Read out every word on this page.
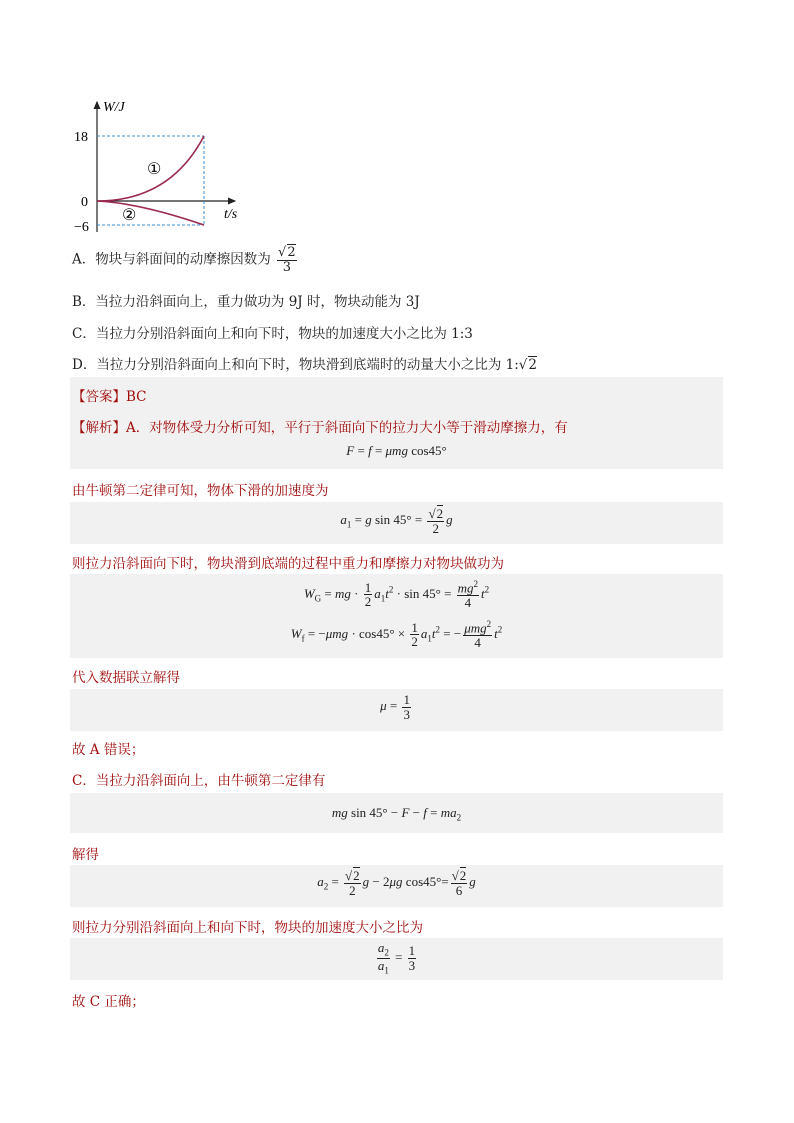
W/J
t/s
18
0
−6
①
②
A．物块与斜面间的动摩擦因数为 $\frac{√2}{3}$
B．当拉力沿斜面向上，重力做功为 9J 时，物块动能为 3J
C．当拉力分别沿斜面向上和向下时，物块的加速度大小之比为 1:3
D．当拉力分别沿斜面向上和向下时，物块滑到底端时的动量大小之比为 1:√2
【答案】BC
【解析】A．对物体受力分析可知，平行于斜面向下的拉力大小等于滑动摩擦力，有
F = f = μmg cos45°
由牛顿第二定律可知，物体下滑的加速度为
$a_1 = g$ $\sin 45^\circ = \frac{√2}{2}$ g
则拉力沿斜面向下时，物块滑到底端的过程中重力和摩擦力对物块做功为
$W_G$ = mg · $\frac{1}{2} a_1t^2 \cdot \sin 45^\circ = \frac{mg^2}{4} t^2$
$W_f = -\mu mg \cdot \cos 45^\circ \times \frac{1}{2} a_1t^2$ = − $\frac{\mu mg^2}{4} t^2$
代入数据联立解得
$\mu = \frac{1}{3}$
故 A 错误；
C．当拉力沿斜面向上，由牛顿第二定律有
mg $\sin 45^\circ - F - f = ma_2$
解得
$a_2 = \frac{√2}{2}$ g − 2μg $\cos 45^\circ= \frac{√2}{6}$ g
则拉力分别沿斜面向上和向下时，物块的加速度大小之比为
$\frac{a_2}{a_1} = \frac{1}{3}$
故 C 正确；
